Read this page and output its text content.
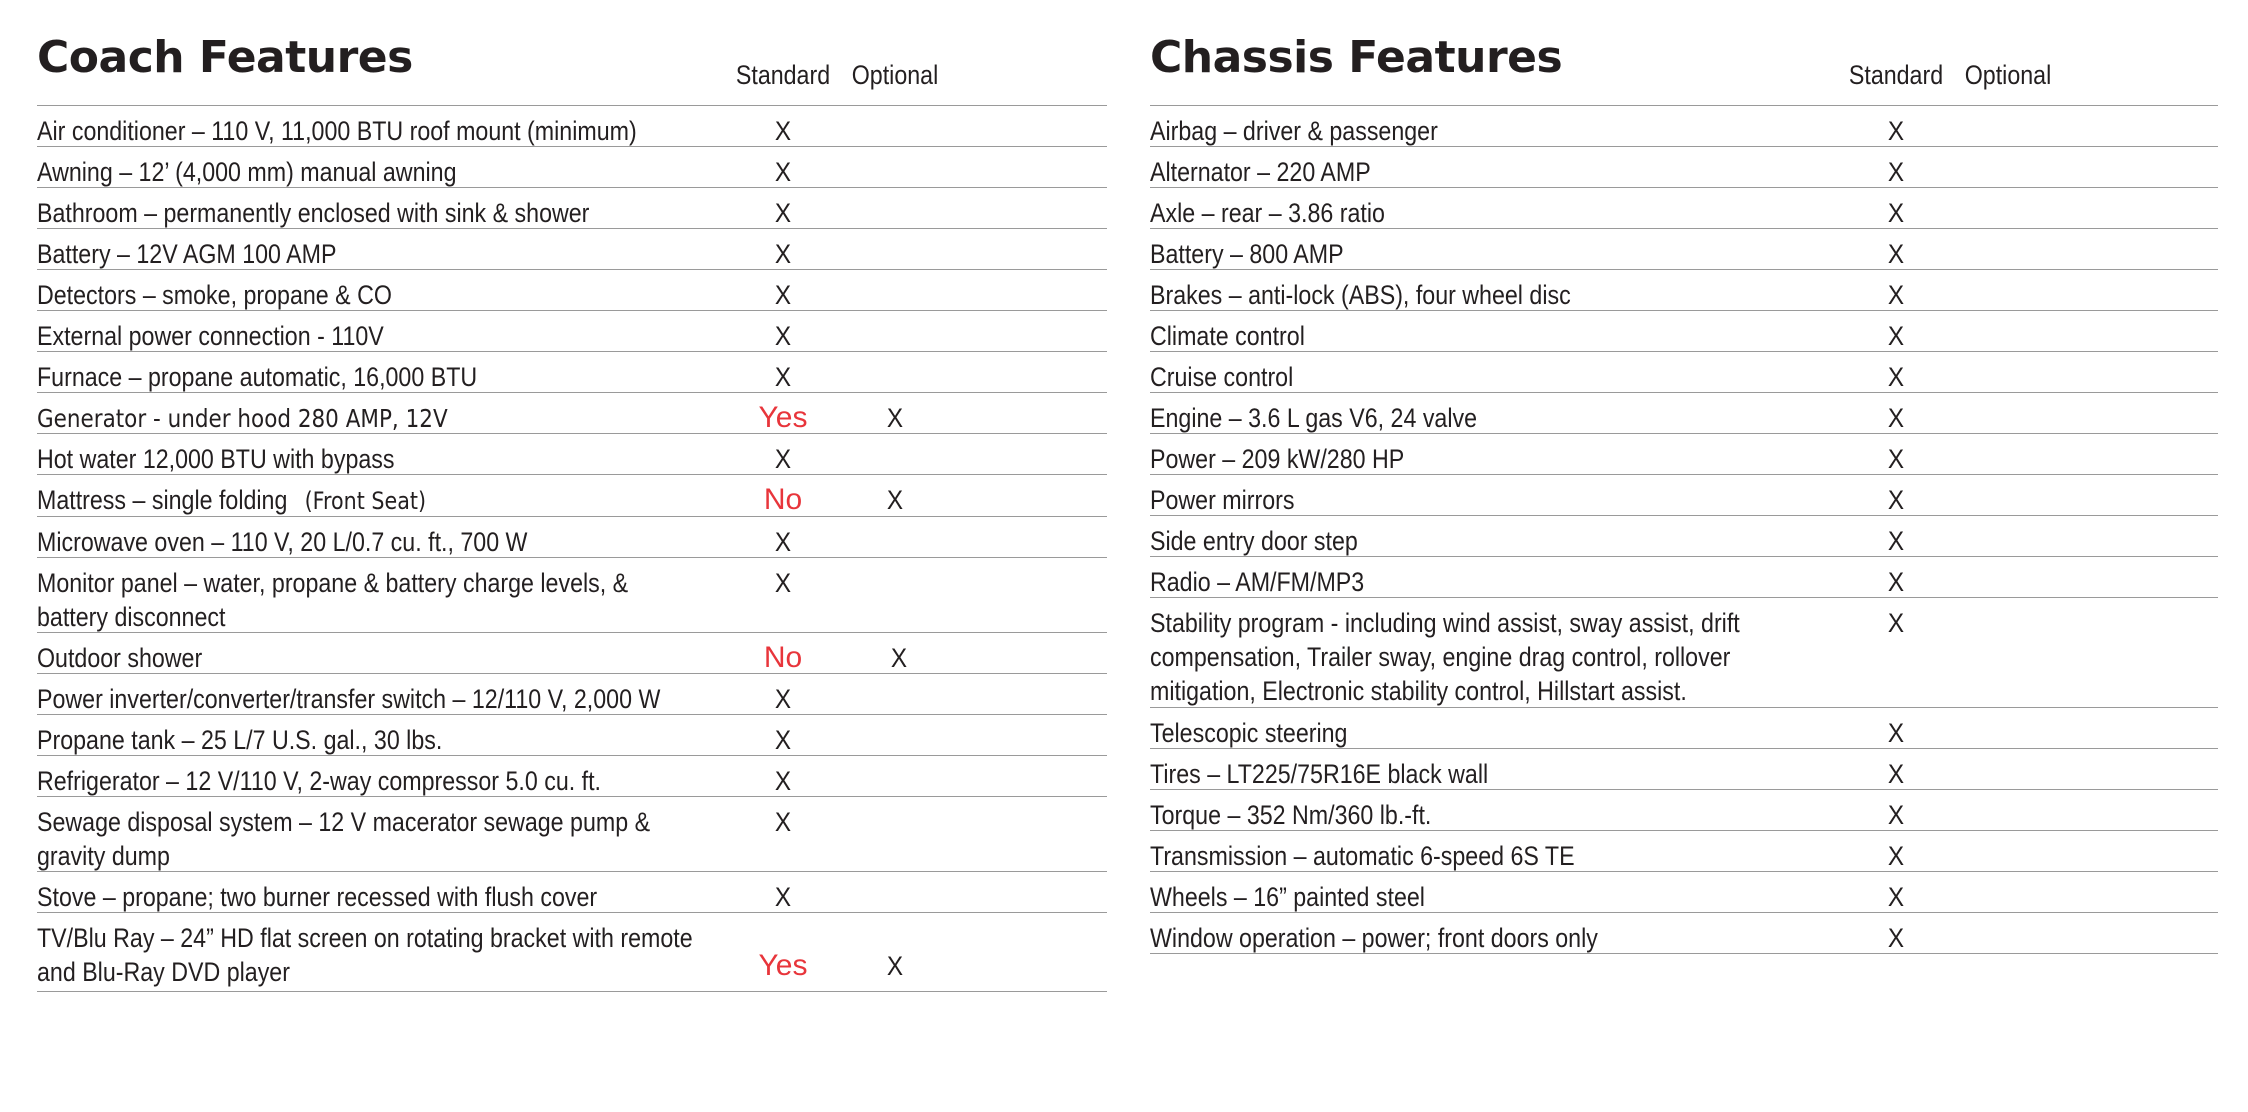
Coach Features	Standard Optional
Air conditioner – 110 V, 11,000 BTU roof mount (minimum)	X
Awning – 12’ (4,000 mm) manual awning	X
Bathroom – permanently enclosed with sink & shower	X
Battery – 12V AGM 100 AMP	X
Detectors – smoke, propane & CO	X
External power connection - 110V	X
Furnace – propane automatic, 16,000 BTU	X
Generator - under hood 280 AMP, 12V	Yes	X
Hot water 12,000 BTU with bypass	X
Mattress – single folding (Front Seat)	No	X
Microwave oven – 110 V, 20 L/0.7 cu. ft., 700 W	X
Monitor panel – water, propane & battery charge levels, &
battery disconnect
X
Outdoor shower	No	X
Power inverter/converter/transfer switch – 12/110 V, 2,000 W	X
Propane tank – 25 L/7 U.S. gal., 30 lbs.	X
Refrigerator – 12 V/110 V, 2-way compressor 5.0 cu. ft.	X
Sewage disposal system – 12 V macerator sewage pump &
gravity dump
X
Stove – propane; two burner recessed with flush cover	X
TV/Blu Ray – 24” HD flat screen on rotating bracket with remote
and Blu-Ray DVD player	Yes	X
Chassis Features	Standard Optional
Airbag – driver & passenger	X
Alternator – 220 AMP	X
Axle – rear – 3.86 ratio	X
Battery – 800 AMP	X
Brakes – anti-lock (ABS), four wheel disc	X
Climate control	X
Cruise control	X
Engine – 3.6 L gas V6, 24 valve	X
Power – 209 kW/280 HP	X
Power mirrors	X
Side entry door step	X
Radio – AM/FM/MP3	X
Stability program - including wind assist, sway assist, drift
compensation, Trailer sway, engine drag control, rollover
mitigation, Electronic stability control, Hillstart assist.
X
Telescopic steering	X
Tires – LT225/75R16E black wall	X
Torque – 352 Nm/360 lb.-ft.	X
Transmission – automatic 6-speed 6S TE	X
Wheels – 16” painted steel	X
Window operation – power; front doors only	X
